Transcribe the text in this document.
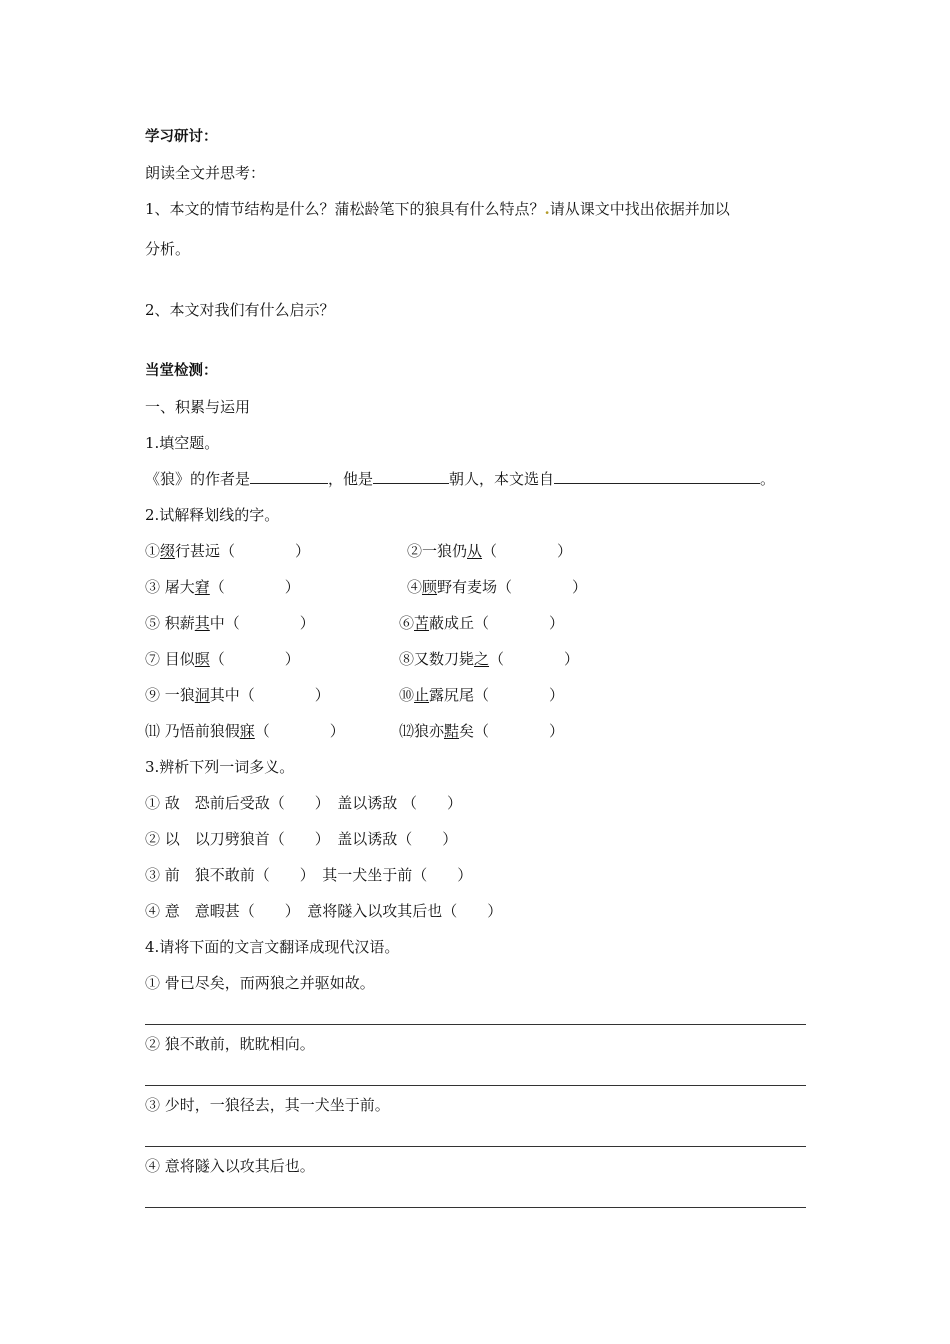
学习研讨：
朗读全文并思考：
1、本文的情节结构是什么？蒲松龄笔下的狼具有什么特点？.请从课文中找出依据并加以
分析。
2、本文对我们有什么启示？
当堂检测：
一、积累与运用
1.填空题。
《狼》的作者是	，他是	朝人，本文选自	。
2.试解释划线的字。
①缀行甚远（　　　　）	②一狼仍从（　　　　）
③ 屠大窘（　　　　）	④顾野有麦场（　　　　）
⑤ 积薪其中（　　　　）	⑥苫蔽成丘（　　　　）
⑦ 目似暝（　　　　）	⑧又数刀毙之（　　　　）
⑨ 一狼洞其中（　　　　）	⑩止露尻尾（　　　　）
⑾ 乃悟前狼假寐（　　　　）	⑿狼亦黠矣（　　　　）
3.辨析下列一词多义。
① 敌　恐前后受敌（　　）　盖以诱敌 （　　）
② 以　以刀劈狼首（　　）　盖以诱敌（　　）
③ 前　狼不敢前（　　）　其一犬坐于前（　　）
④ 意　意暇甚（　　）　意将隧入以攻其后也（　　）
4.请将下面的文言文翻译成现代汉语。
① 骨已尽矣，而两狼之并驱如故。
② 狼不敢前，眈眈相向。
③ 少时，一狼径去，其一犬坐于前。
④ 意将隧入以攻其后也。
